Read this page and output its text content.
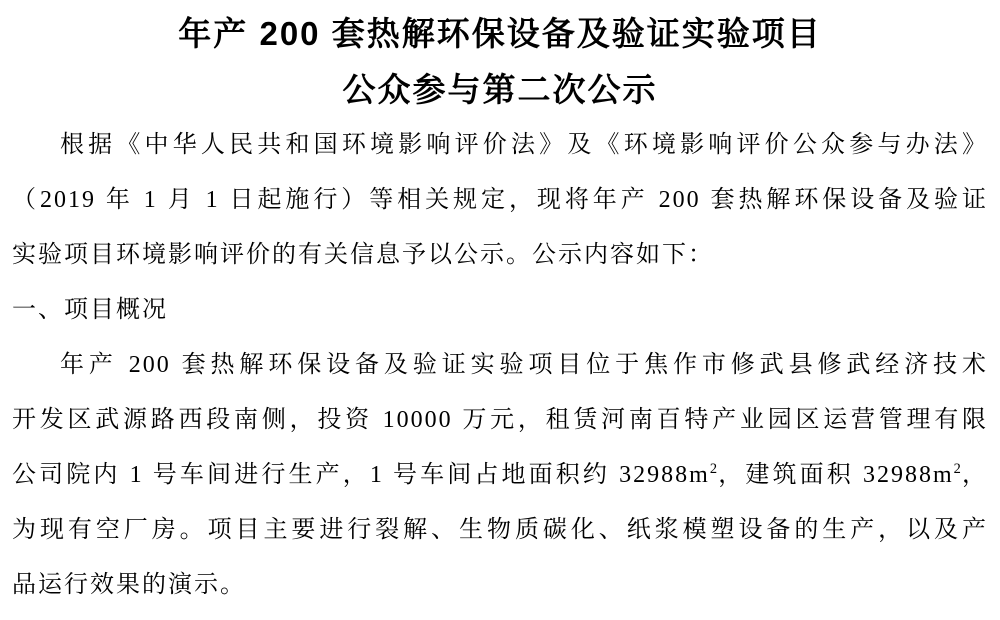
年产 200 套热解环保设备及验证实验项目
公众参与第二次公示

根据《中华人民共和国环境影响评价法》及《环境影响评价公众参与办法》

（2019 年 1 月 1 日起施行）等相关规定，现将年产 200 套热解环保设备及验证

实验项目环境影响评价的有关信息予以公示。公示内容如下：

一、项目概况

年产 200 套热解环保设备及验证实验项目位于焦作市修武县修武经济技术

开发区武源路西段南侧，投资 10000 万元，租赁河南百特产业园区运营管理有限

公司院内 1 号车间进行生产，1 号车间占地面积约 $32988m^2$，建筑面积 $32988m^2$，

为现有空厂房。项目主要进行裂解、生物质碳化、纸浆模塑设备的生产，以及产

品运行效果的演示。
